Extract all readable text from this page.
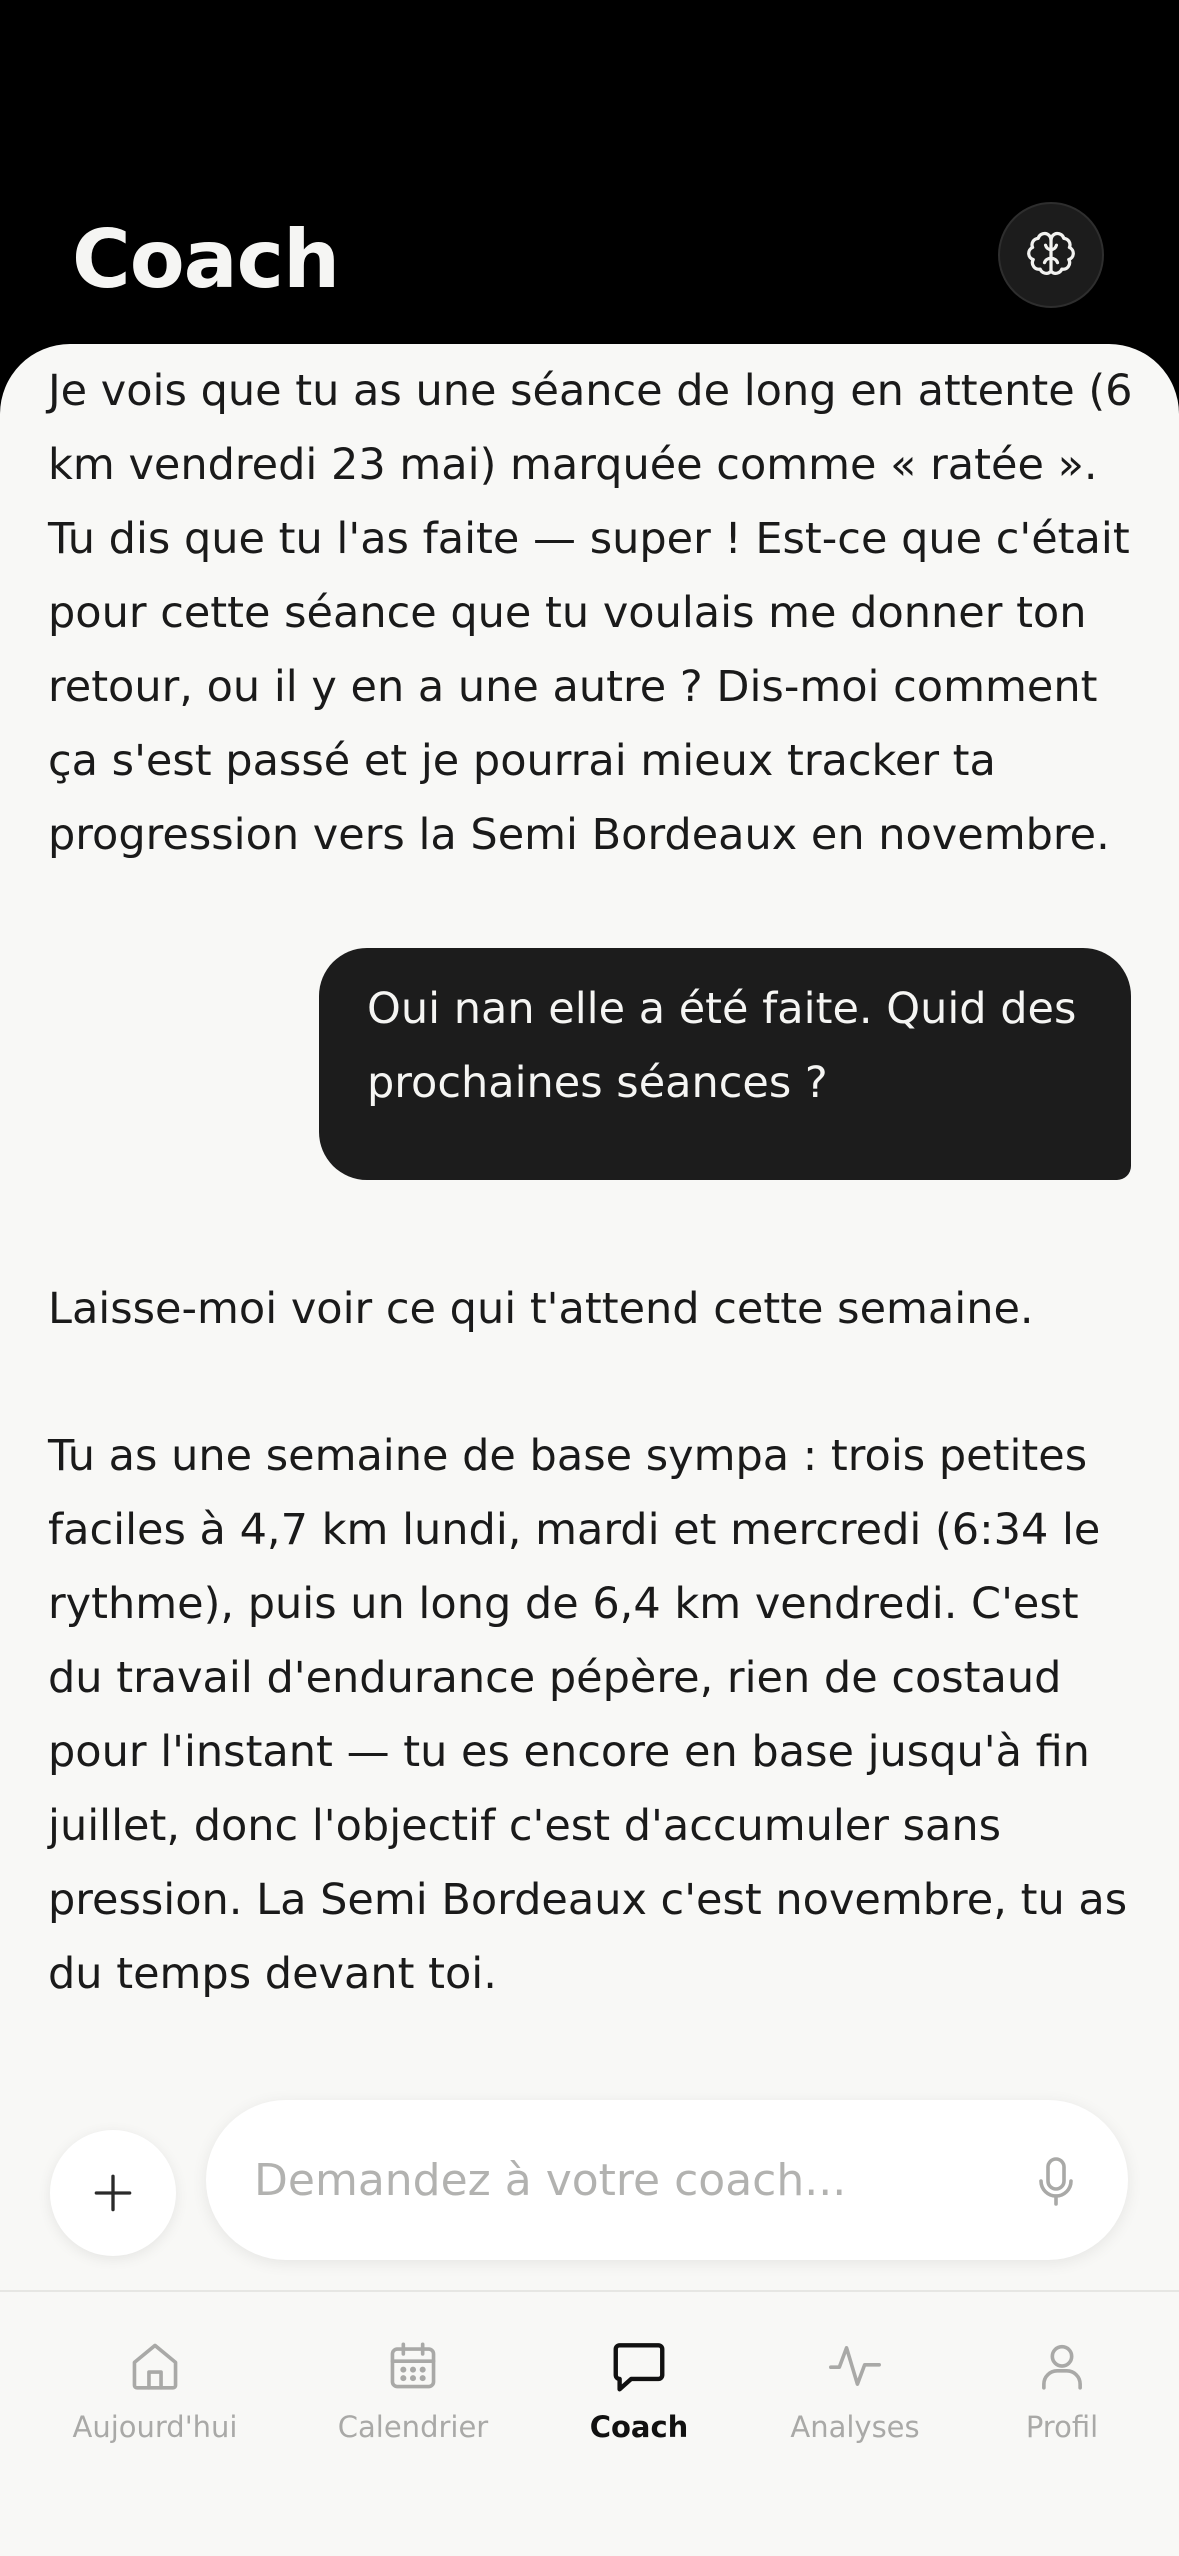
Coach

Je vois que tu as une séance de long en attente (6 km vendredi 23 mai) marquée comme « ratée ». Tu dis que tu l'as faite — super ! Est-ce que c'était pour cette séance que tu voulais me donner ton retour, ou il y en a une autre ? Dis-moi comment ça s'est passé et je pourrai mieux tracker ta progression vers la Semi Bordeaux en novembre.

Oui nan elle a été faite. Quid des prochaines séances ?

Laisse-moi voir ce qui t'attend cette semaine.

Tu as une semaine de base sympa : trois petites faciles à 4,7 km lundi, mardi et mercredi (6:34 le rythme), puis un long de 6,4 km vendredi. C'est du travail d'endurance pépère, rien de costaud pour l'instant — tu es encore en base jusqu'à fin juillet, donc l'objectif c'est d'accumuler sans pression. La Semi Bordeaux c'est novembre, tu as du temps devant toi.

Demandez à votre coach...
Aujourd'hui	Calendrier	Coach	Analyses	Profil
